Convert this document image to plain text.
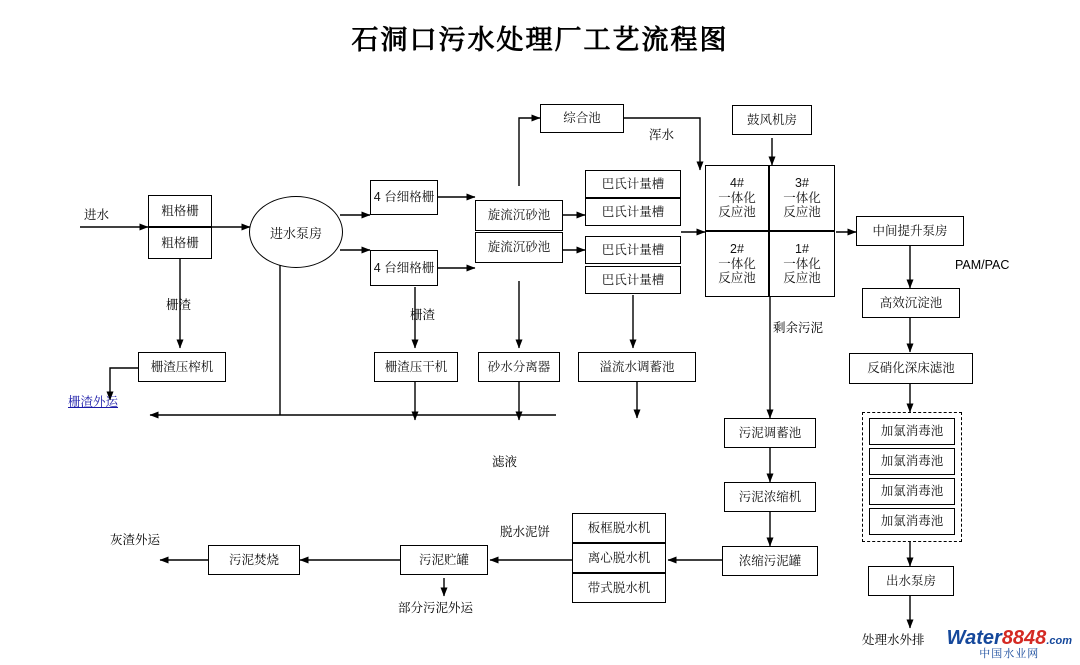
石洞口污水处理厂工艺流程图
进水	粗格栅
粗格栅
进水泵房
4 台细格栅
4 台细格栅
旋流沉砂池
旋流沉砂池
综合池
巴氏计量槽
巴氏计量槽
巴氏计量槽
巴氏计量槽
鼓风机房
4#
一体化
反应池
3#
一体化
反应池
2#
一体化
反应池
1#
一体化
反应池
中间提升泵房
高效沉淀池
反硝化深床滤池
加氯消毒池
加氯消毒池
加氯消毒池
加氯消毒池
出水泵房
栅渣压榨机	栅渣压干机	砂水分离器	溢流水调蓄池
污泥调蓄池
污泥浓缩机
浓缩污泥罐
板框脱水机
离心脱水机
带式脱水机
污泥贮罐
污泥焚烧
浑水
栅渣
栅渣
栅渣外运
滤液
PAM/PAC
剩余污泥
脱水泥饼
灰渣外运
部分污泥外运
处理水外排 Water8848.com
中国水业网
